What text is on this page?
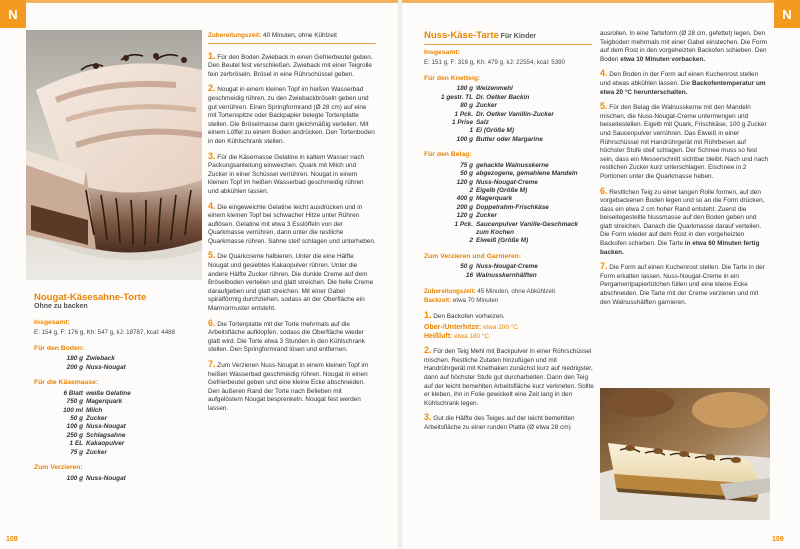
N	N
Nougat-Käsesahne-Torte
Ohne zu backen
Insgesamt:
E: 154 g, F: 176 g, Kh: 547 g, kJ: 18787, kcal: 4488
Für den Boden:
180 g Zwieback
200 g Nuss-Nougat
Für die Käsemasse:
6 Blatt weiße Gelatine
750 g Magerquark
100 ml Milch
50 g Zucker
100 g Nuss-Nougat
250 g Schlagsahne
1 EL Kakaopulver
75 g Zucker
Zum Verzieren:
100 g Nuss-Nougat

Zubereitungszeit: 40 Minuten, ohne Kühlzeit

1. Für den Boden Zwieback in einen Gefrierbeutel geben. Den Beutel fest verschließen. Zwieback mit einer Teigrolle fein zerbröseln. Brösel in eine Rührschüssel geben.

2. Nougat in einem kleinen Topf im heißen Wasserbad geschmeidig rühren, zu den Zwiebackbröseln geben und gut verrühren. Einen Springformrand (Ø 28 cm) auf eine mit Tortenspitze oder Backpapier belegte Tortenplatte stellen. Die Bröselmasse darin gleichmäßig verteilen. Mit einem Löffel zu einem Boden andrücken. Den Tortenboden in den Kühlschrank stellen.

3. Für die Käsemasse Gelatine in kaltem Wasser nach Packungsanleitung einweichen. Quark mit Milch und Zucker in einer Schüssel verrühren. Nougat in einem kleinen Topf im heißen Wasserbad geschmeidig rühren und abkühlen lassen.

4. Die eingeweichte Gelatine leicht ausdrücken und in einem kleinen Topf bei schwacher Hitze unter Rühren auflösen. Gelatine mit etwa 3 Esslöffeln von der Quarkmasse verrühren, dann unter die restliche Quarkmasse rühren. Sahne steif schlagen und unterheben.

5. Die Quarkcreme halbieren. Unter die eine Hälfte Nougat und gesiebtes Kakaopulver rühren. Unter die andere Hälfte Zucker rühren. Die dunkle Creme auf dem Bröselboden verteilen und glatt streichen. Die helle Creme daraufgeben und glatt streichen. Mit einer Gabel spiralförmig durchziehen, sodass an der Oberfläche ein Marmormuster entsteht.

6. Die Tortenplatte mit der Torte mehrmals auf die Arbeitsfläche aufklopfen, sodass die Oberfläche wieder glatt wird. Die Torte etwa 3 Stunden in den Kühlschrank stellen. Den Springformrand lösen und entfernen.

7. Zum Verzieren Nuss-Nougat in einem kleinen Topf im heißen Wasserbad geschmeidig rühren. Nougat in einen Gefrierbeutel geben und eine kleine Ecke abschneiden. Den äußeren Rand der Torte nach Belieben mit aufgelöstem Nougat besprenkeln. Nougat fest werden lassen.

108
Nuss-Käse-Tarte Für Kinder
Insgesamt:
E: 151 g, F: 316 g, Kh: 479 g, kJ: 22554, kcal: 5390
Für den Knetteig:
180 g Weizenmehl
1 gestr. TL Dr. Oetker Backin
80 g Zucker
1 Pck. Dr. Oetker Vanillin-Zucker
1 Prise Salz
1 Ei (Größe M)
100 g Butter oder Margarine
Für den Belag:
75 g gehackte Walnusskerne
50 g abgezogene, gemahlene Mandeln
120 g Nuss-Nougat-Creme
2 Eigelb (Größe M)
400 g Magerquark
200 g Doppelrahm-Frischkäse
120 g Zucker
1 Pck. Saucenpulver Vanille-Geschmack zum Kochen
2 Eiweiß (Größe M)
Zum Verzieren und Garnieren:
50 g Nuss-Nougat-Creme
16 Walnusskernhälften
Zubereitungszeit: 45 Minuten, ohne Abkühlzeit
Backzeit: etwa 70 Minuten

1. Den Backofen vorheizen.

Ober-/Unterhitze: etwa 200 °C
Heißluft: etwa 180 °C

2. Für den Teig Mehl mit Backpulver in einer Rührschüssel mischen. Restliche Zutaten hinzufügen und mit Handrührgerät mit Knethaken zunächst kurz auf niedrigster, dann auf höchster Stufe gut durcharbeiten. Dann den Teig auf der leicht bemehlten Arbeitsfläche kurz verkneten. Sollte er kleben, ihn in Folie gewickelt eine Zeit lang in den Kühlschrank legen.

3. Gut die Hälfte des Teiges auf der leicht bemehlten Arbeitsfläche zu einer runden Platte (Ø etwa 28 cm)

ausrollen. In eine Tarteform (Ø 28 cm, gefettet) legen. Den Teigboden mehrmals mit einer Gabel einstechen. Die Form auf dem Rost in den vorgeheizten Backofen schieben. Den Boden etwa 10 Minuten vorbacken.

4. Den Boden in der Form auf einen Kuchenrost stellen und etwas abkühlen lassen. Die Backofentemperatur um etwa 20 °C herunterschalten.

5. Für den Belag die Walnusskerne mit den Mandeln mischen, die Nuss-Nougat-Creme untermengen und beiseitestellen. Eigelb mit Quark, Frischkäse, 100 g Zucker und Saucenpulver verrühren. Das Eiweiß in einer Rührschüssel mit Handrührgerät mit Rührbesen auf höchster Stufe steif schlagen. Der Schnee muss so fest sein, dass ein Messerschnitt sichtbar bleibt. Nach und nach restlichen Zucker kurz unterschlagen. Eischnee in 2 Portionen unter die Quarkmasse heben.

6. Restlichen Teig zu einer langen Rolle formen, auf den vorgebackenen Boden legen und so an die Form drücken, dass ein etwa 2 cm hoher Rand entsteht. Zuerst die beiseitegestellte Nussmasse auf den Boden geben und glatt streichen. Danach die Quarkmasse darauf verteilen. Die Form wieder auf dem Rost in den vorgeheizten Backofen schieben. Die Tarte in etwa 60 Minuten fertig backen.

7. Die Form auf einen Kuchenrost stellen. Die Tarte in der Form erkalten lassen. Nuss-Nougat-Creme in ein Pergamentpapiertütchen füllen und eine kleine Ecke abschneiden. Die Tarte mit der Creme verzieren und mit den Walnusshälften garnieren.

109
